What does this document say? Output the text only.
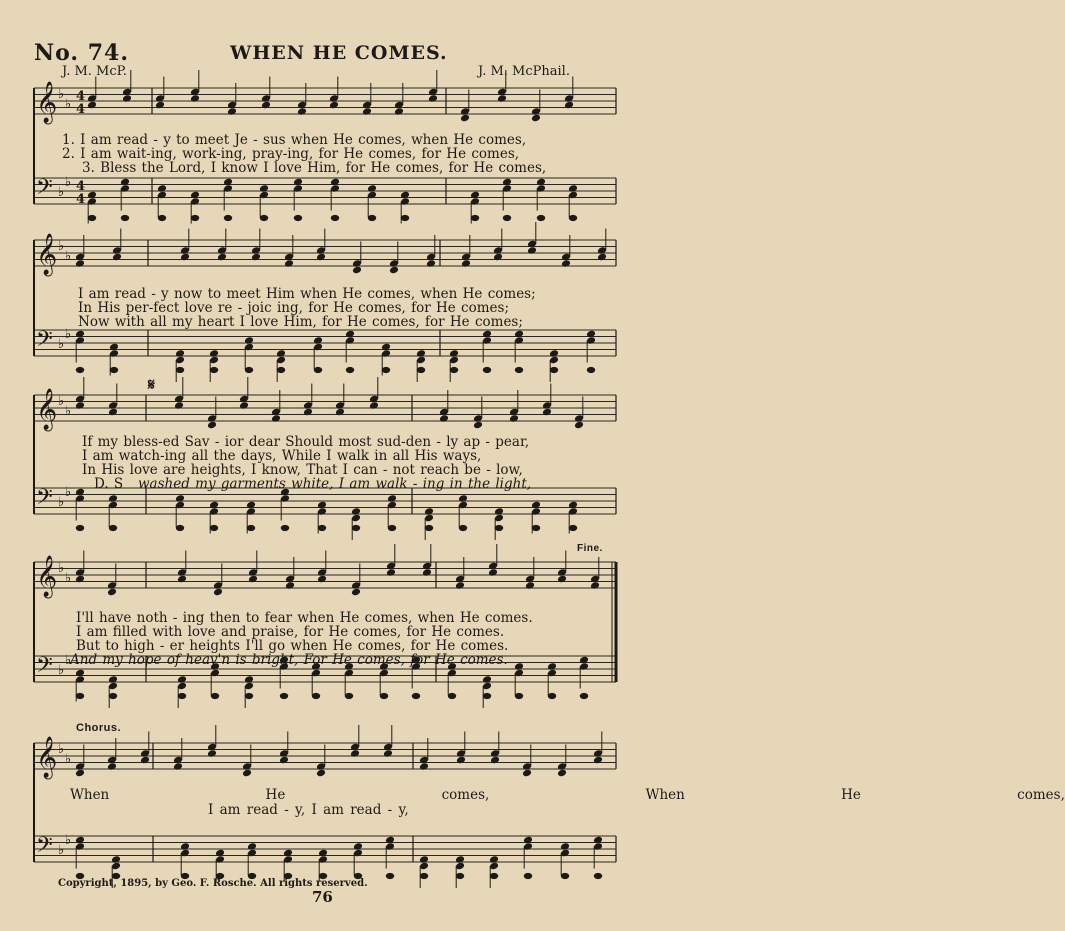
𝄞 ♭
♭
4
4
𝄢 ♭
♭ 4
4
𝄞 ♭
♭
𝄢 ♭
♭
𝄞 ♭
♭
𝄢 ♭
♭
𝄞 ♭
♭
𝄢 ♭
♭
𝄞 ♭
♭
𝄢 ♭
♭
No. 74.	WHEN HE COMES.
J. M. McP.	J. M. McPhail.
1. I am read - y to meet Je - sus when He comes, when He comes,
2. I am wait-ing, work-ing, pray-ing, for He comes, for He comes,
3. Bless the Lord, I know I love Him, for He comes, for He comes,
I am read - y now to meet Him when He comes, when He comes;
In His per-fect love re - joic ing, for He comes, for He comes;
Now with all my heart I love Him, for He comes, for He comes;
𝄋
If my bless-ed Sav - ior dear Should most sud-den - ly ap - pear,
I am watch-ing all the days, While I walk in all His ways,
In His love are heights, I know, That I can - not reach be - low,
D. S	washed my garments white, I am walk - ing in the light,
Fine.
I'll have noth - ing then to fear when He comes, when He comes.
I am filled with love and praise, for He comes, for He comes.
But to high - er heights I'll go when He comes, for He comes.
And my hope of heav'n is bright, For He comes, for He comes.
Chorus.
When He comes, When He comes,
I am read - y, I am read - y,
Copyright, 1895, by Geo. F. Rosche. All rights reserved.
76
